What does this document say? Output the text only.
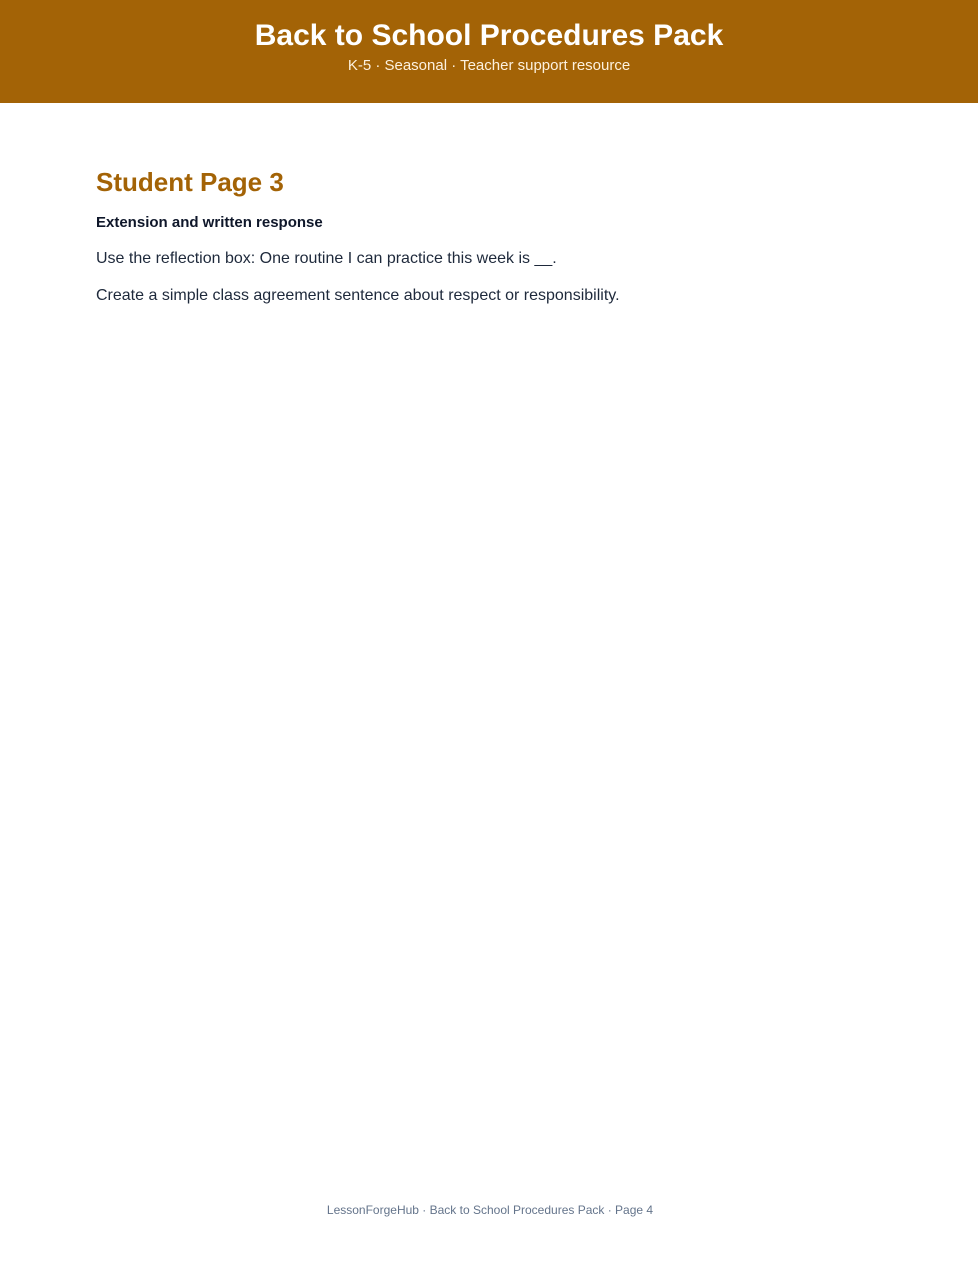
Back to School Procedures Pack
K-5 · Seasonal · Teacher support resource
Student Page 3
Extension and written response

Use the reflection box: One routine I can practice this week is __.

Create a simple class agreement sentence about respect or responsibility.

LessonForgeHub · Back to School Procedures Pack · Page 4
